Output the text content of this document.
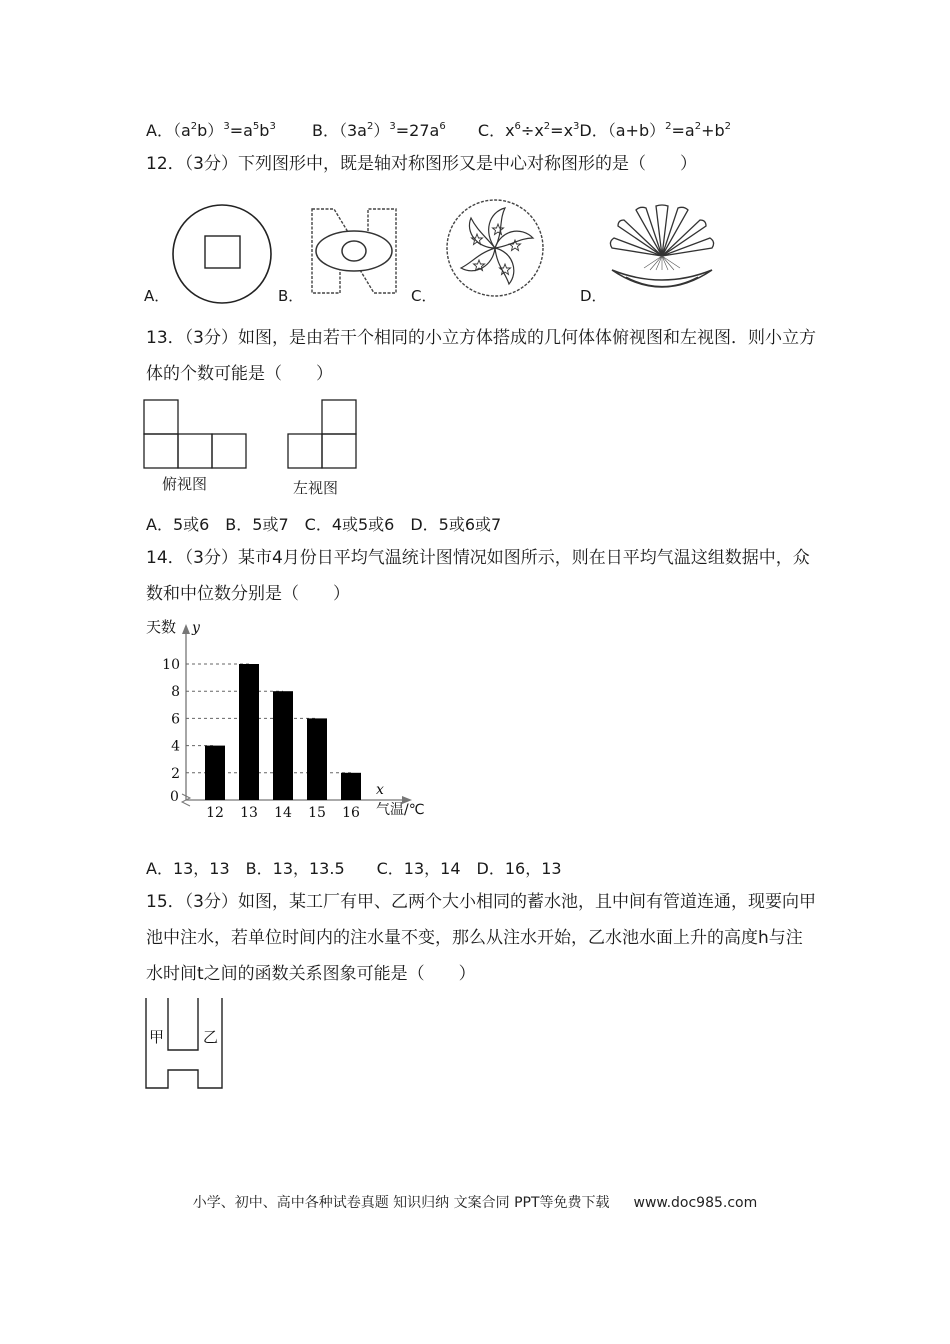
A．$(a^2b)^3=a^5b^3$ B．$(3a^2)^3=27a^6$ C．$x^6\div x^2=x^3D$．$(a+b)^2=a^2+b^2$
12．（3分）下列图形中，既是轴对称图形又是中心对称图形的是（　　）
A．	B．	C．	D．
13．（3分）如图，是由若干个相同的小立方体搭成的几何体体俯视图和左视图．则小立方体的个数可能是（　　）
俯视图	左视图
A．5或6　B．5或7　C．4或5或6　D．5或6或7
14．（3分）某市4月份日平均气温统计图情况如图所示，则在日平均气温这组数据中，众数和中位数分别是（　　）
天数 y
0	x
气温/℃
2
4
6
8
10
12 13 14 15 16
A．13，13　B．13，13.5　　C．13，14　D．16，13
15．（3分）如图，某工厂有甲、乙两个大小相同的蓄水池，且中间有管道连通，现要向甲池中注水，若单位时间内的注水量不变，那么从注水开始，乙水池水面上升的高度h与注水时间t之间的函数关系图象可能是（　　）
甲	乙
小学、初中、高中各种试卷真题 知识归纳 文案合同 PPT等免费下载 www.doc985.com
